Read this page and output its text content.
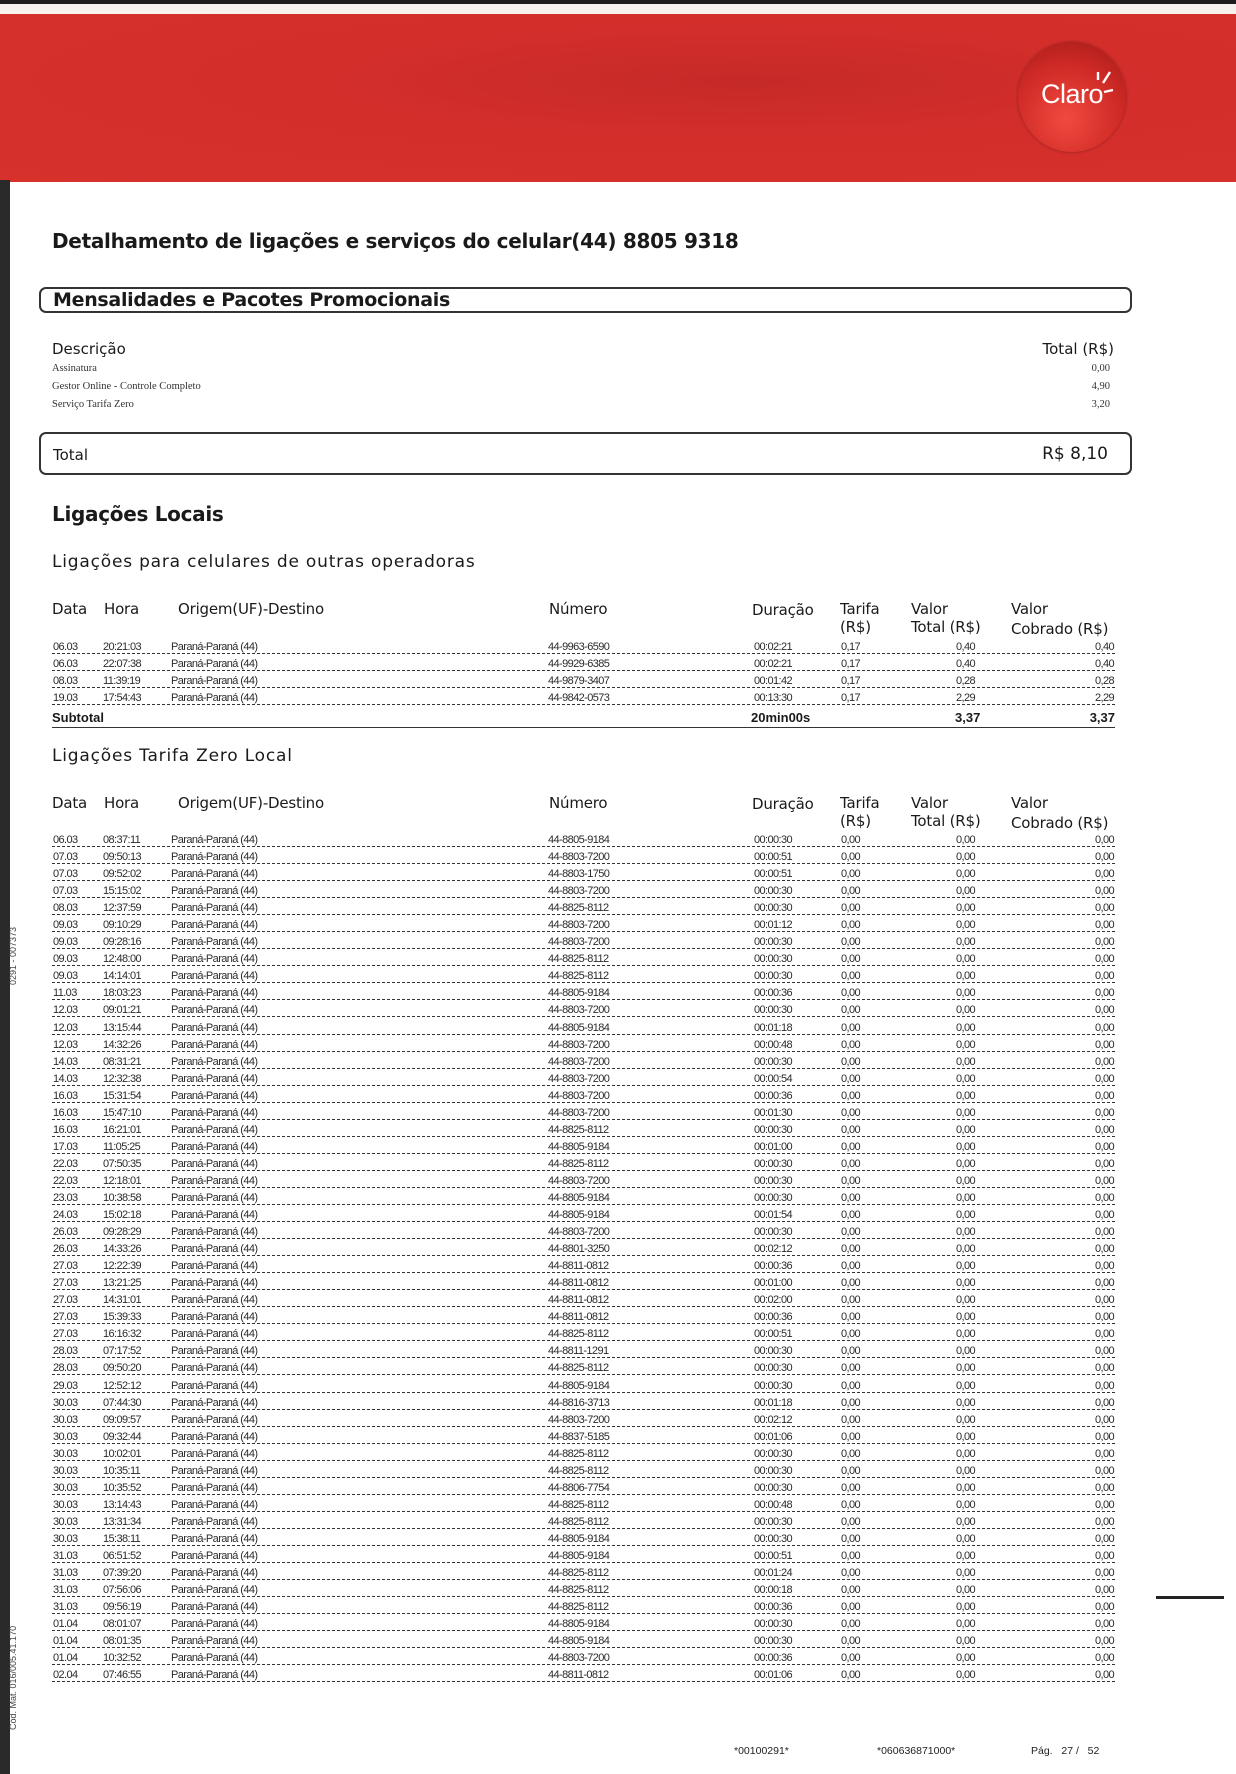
Claro
0291 - 007373
Cód. Mat. 016/005.41.170
Detalhamento de ligações e serviços do celular(44) 8805 9318
Mensalidades e Pacotes Promocionais
Descrição	Total (R$)
Assinatura	0,00
Gestor Online - Controle Completo	4,90
Serviço Tarifa Zero	3,20
Total	R$ 8,10
Ligações Locais
Ligações para celulares de outras operadoras
Data Hora	Origem(UF)-Destino	Número	Duração Tarifa
(R$)
Valor
Total (R$)
Valor
Cobrado (R$)
06.03 20:21:03	Paraná-Paraná (44)	44-9963-6590	00:02:21	0,17	0,40	0,40
06.03 22:07:38	Paraná-Paraná (44)	44-9929-6385	00:02:21	0,17	0,40	0,40
08.03 11:39:19	Paraná-Paraná (44)	44-9879-3407	00:01:42	0,17	0,28	0,28
19.03 17:54:43	Paraná-Paraná (44)	44-9842-0573	00:13:30	0,17	2,29	2,29
Subtotal	20min00s	3,37	3,37
Ligações Tarifa Zero Local
Data Hora	Origem(UF)-Destino	Número	Duração Tarifa
(R$)
Valor
Total (R$)
Valor
Cobrado (R$)
06.03 08:37:11	Paraná-Paraná (44)	44-8805-9184	00:00:30	0,00	0,00	0,00
07.03 09:50:13	Paraná-Paraná (44)	44-8803-7200	00:00:51	0,00	0,00	0,00
07.03 09:52:02	Paraná-Paraná (44)	44-8803-1750	00:00:51	0,00	0,00	0,00
07.03 15:15:02	Paraná-Paraná (44)	44-8803-7200	00:00:30	0,00	0,00	0,00
08.03 12:37:59	Paraná-Paraná (44)	44-8825-8112	00:00:30	0,00	0,00	0,00
09.03 09:10:29	Paraná-Paraná (44)	44-8803-7200	00:01:12	0,00	0,00	0,00
09.03 09:28:16	Paraná-Paraná (44)	44-8803-7200	00:00:30	0,00	0,00	0,00
09.03 12:48:00	Paraná-Paraná (44)	44-8825-8112	00:00:30	0,00	0,00	0,00
09.03 14:14:01	Paraná-Paraná (44)	44-8825-8112	00:00:30	0,00	0,00	0,00
11.03 18:03:23	Paraná-Paraná (44)	44-8805-9184	00:00:36	0,00	0,00	0,00
12.03 09:01:21	Paraná-Paraná (44)	44-8803-7200	00:00:30	0,00	0,00	0,00
12.03 13:15:44	Paraná-Paraná (44)	44-8805-9184	00:01:18	0,00	0,00	0,00
12.03 14:32:26	Paraná-Paraná (44)	44-8803-7200	00:00:48	0,00	0,00	0,00
14.03 08:31:21	Paraná-Paraná (44)	44-8803-7200	00:00:30	0,00	0,00	0,00
14.03 12:32:38	Paraná-Paraná (44)	44-8803-7200	00:00:54	0,00	0,00	0,00
16.03 15:31:54	Paraná-Paraná (44)	44-8803-7200	00:00:36	0,00	0,00	0,00
16.03 15:47:10	Paraná-Paraná (44)	44-8803-7200	00:01:30	0,00	0,00	0,00
16.03 16:21:01	Paraná-Paraná (44)	44-8825-8112	00:00:30	0,00	0,00	0,00
17.03 11:05:25	Paraná-Paraná (44)	44-8805-9184	00:01:00	0,00	0,00	0,00
22.03 07:50:35	Paraná-Paraná (44)	44-8825-8112	00:00:30	0,00	0,00	0,00
22.03 12:18:01	Paraná-Paraná (44)	44-8803-7200	00:00:30	0,00	0,00	0,00
23.03 10:38:58	Paraná-Paraná (44)	44-8805-9184	00:00:30	0,00	0,00	0,00
24.03 15:02:18	Paraná-Paraná (44)	44-8805-9184	00:01:54	0,00	0,00	0,00
26.03 09:28:29	Paraná-Paraná (44)	44-8803-7200	00:00:30	0,00	0,00	0,00
26.03 14:33:26	Paraná-Paraná (44)	44-8801-3250	00:02:12	0,00	0,00	0,00
27.03 12:22:39	Paraná-Paraná (44)	44-8811-0812	00:00:36	0,00	0,00	0,00
27.03 13:21:25	Paraná-Paraná (44)	44-8811-0812	00:01:00	0,00	0,00	0,00
27.03 14:31:01	Paraná-Paraná (44)	44-8811-0812	00:02:00	0,00	0,00	0,00
27.03 15:39:33	Paraná-Paraná (44)	44-8811-0812	00:00:36	0,00	0,00	0,00
27.03 16:16:32	Paraná-Paraná (44)	44-8825-8112	00:00:51	0,00	0,00	0,00
28.03 07:17:52	Paraná-Paraná (44)	44-8811-1291	00:00:30	0,00	0,00	0,00
28.03 09:50:20	Paraná-Paraná (44)	44-8825-8112	00:00:30	0,00	0,00	0,00
29.03 12:52:12	Paraná-Paraná (44)	44-8805-9184	00:00:30	0,00	0,00	0,00
30.03 07:44:30	Paraná-Paraná (44)	44-8816-3713	00:01:18	0,00	0,00	0,00
30.03 09:09:57	Paraná-Paraná (44)	44-8803-7200	00:02:12	0,00	0,00	0,00
30.03 09:32:44	Paraná-Paraná (44)	44-8837-5185	00:01:06	0,00	0,00	0,00
30.03 10:02:01	Paraná-Paraná (44)	44-8825-8112	00:00:30	0,00	0,00	0,00
30.03 10:35:11	Paraná-Paraná (44)	44-8825-8112	00:00:30	0,00	0,00	0,00
30.03 10:35:52	Paraná-Paraná (44)	44-8806-7754	00:00:30	0,00	0,00	0,00
30.03 13:14:43	Paraná-Paraná (44)	44-8825-8112	00:00:48	0,00	0,00	0,00
30.03 13:31:34	Paraná-Paraná (44)	44-8825-8112	00:00:30	0,00	0,00	0,00
30.03 15:38:11	Paraná-Paraná (44)	44-8805-9184	00:00:30	0,00	0,00	0,00
31.03 06:51:52	Paraná-Paraná (44)	44-8805-9184	00:00:51	0,00	0,00	0,00
31.03 07:39:20	Paraná-Paraná (44)	44-8825-8112	00:01:24	0,00	0,00	0,00
31.03 07:56:06	Paraná-Paraná (44)	44-8825-8112	00:00:18	0,00	0,00	0,00
31.03 09:56:19	Paraná-Paraná (44)	44-8825-8112	00:00:36	0,00	0,00	0,00
01.04 08:01:07	Paraná-Paraná (44)	44-8805-9184	00:00:30	0,00	0,00	0,00
01.04 08:01:35	Paraná-Paraná (44)	44-8805-9184	00:00:30	0,00	0,00	0,00
01.04 10:32:52	Paraná-Paraná (44)	44-8803-7200	00:00:36	0,00	0,00	0,00
02.04 07:46:55	Paraná-Paraná (44)	44-8811-0812	00:01:06	0,00	0,00	0,00
*00100291*	*060636871000*	Pág. 27 / 52
